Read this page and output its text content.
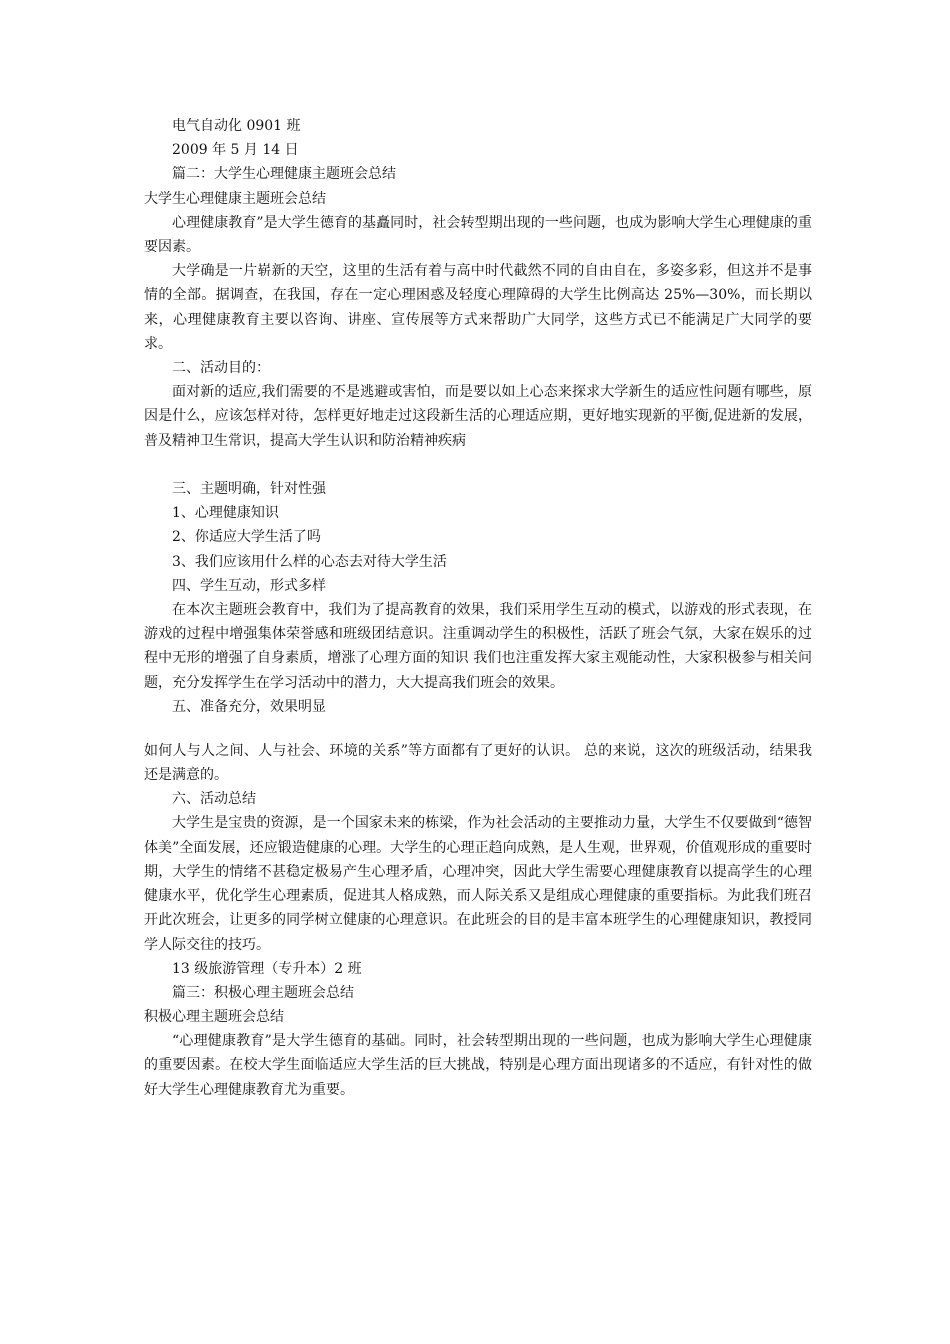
电气自动化 0901 班
2009 年 5 月 14 日
篇二：大学生心理健康主题班会总结
大学生心理健康主题班会总结

心理健康教育”是大学生德育的基矗同时，社会转型期出现的一些问题，也成为影响大学生心理健康的重要因素。

大学确是一片崭新的天空，这里的生活有着与高中时代截然不同的自由自在，多姿多彩，但这并不是事情的全部。据调查，在我国，存在一定心理困惑及轻度心理障碍的大学生比例高达 25%—30%，而长期以来，心理健康教育主要以咨询、讲座、宣传展等方式来帮助广大同学，这些方式已不能满足广大同学的要求。

二、活动目的：

面对新的适应,我们需要的不是逃避或害怕，而是要以如上心态来探求大学新生的适应性问题有哪些，原因是什么，应该怎样对待，怎样更好地走过这段新生活的心理适应期，更好地实现新的平衡,促进新的发展，普及精神卫生常识，提高大学生认识和防治精神疾病

三、主题明确，针对性强
1、心理健康知识
2、你适应大学生活了吗
3、我们应该用什么样的心态去对待大学生活
四、学生互动，形式多样

在本次主题班会教育中，我们为了提高教育的效果，我们采用学生互动的模式，以游戏的形式表现，在游戏的过程中增强集体荣誉感和班级团结意识。注重调动学生的积极性，活跃了班会气氛，大家在娱乐的过程中无形的增强了自身素质，增涨了心理方面的知识 我们也注重发挥大家主观能动性，大家积极参与相关问题，充分发挥学生在学习活动中的潜力，大大提高我们班会的效果。

五、准备充分，效果明显

如何人与人之间、人与社会、环境的关系”等方面都有了更好的认识。 总的来说，这次的班级活动，结果我还是满意的。

六、活动总结

大学生是宝贵的资源，是一个国家未来的栋梁，作为社会活动的主要推动力量，大学生不仅要做到“德智体美”全面发展，还应锻造健康的心理。大学生的心理正趋向成熟，是人生观，世界观，价值观形成的重要时期，大学生的情绪不甚稳定极易产生心理矛盾，心理冲突，因此大学生需要心理健康教育以提高学生的心理健康水平，优化学生心理素质，促进其人格成熟，而人际关系又是组成心理健康的重要指标。为此我们班召开此次班会，让更多的同学树立健康的心理意识。在此班会的目的是丰富本班学生的心理健康知识，教授同学人际交往的技巧。

13 级旅游管理（专升本）2 班
篇三：积极心理主题班会总结
积极心理主题班会总结

“心理健康教育”是大学生德育的基础。同时，社会转型期出现的一些问题，也成为影响大学生心理健康的重要因素。在校大学生面临适应大学生活的巨大挑战，特别是心理方面出现诸多的不适应，有针对性的做好大学生心理健康教育尤为重要。
